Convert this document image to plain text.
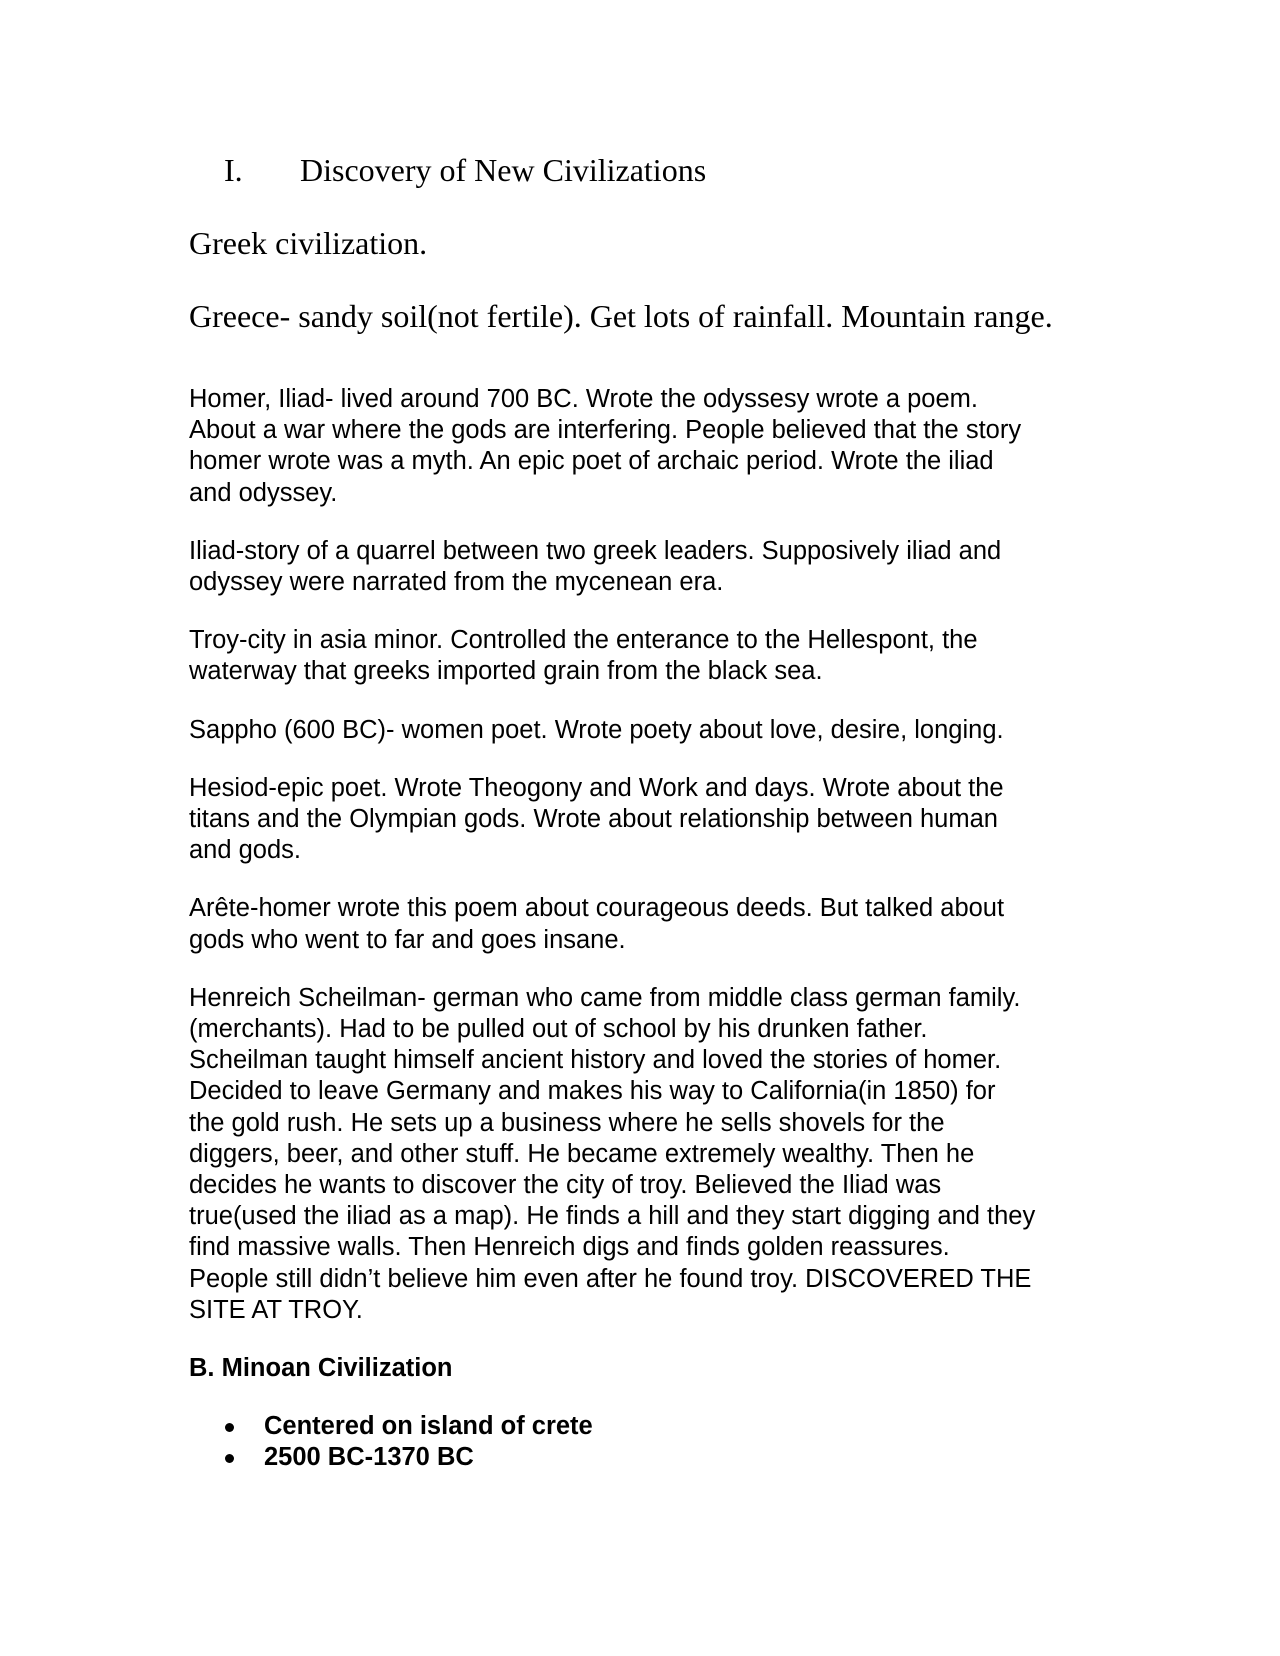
I. Discovery of New Civilizations
Greek civilization.
Greece- sandy soil(not fertile). Get lots of rainfall. Mountain range.

Homer, Iliad- lived around 700 BC. Wrote the odyssesy wrote a poem.
About a war where the gods are interfering. People believed that the story
homer wrote was a myth. An epic poet of archaic period. Wrote the iliad
and odyssey.

Iliad-story of a quarrel between two greek leaders. Supposively iliad and
odyssey were narrated from the mycenean era.

Troy-city in asia minor. Controlled the enterance to the Hellespont, the
waterway that greeks imported grain from the black sea.

Sappho (600 BC)- women poet. Wrote poety about love, desire, longing.

Hesiod-epic poet. Wrote Theogony and Work and days. Wrote about the
titans and the Olympian gods. Wrote about relationship between human
and gods.

Arête-homer wrote this poem about courageous deeds. But talked about
gods who went to far and goes insane.

Henreich Scheilman- german who came from middle class german family.
(merchants). Had to be pulled out of school by his drunken father.
Scheilman taught himself ancient history and loved the stories of homer.
Decided to leave Germany and makes his way to California(in 1850) for
the gold rush. He sets up a business where he sells shovels for the
diggers, beer, and other stuff. He became extremely wealthy. Then he
decides he wants to discover the city of troy. Believed the Iliad was
true(used the iliad as a map). He finds a hill and they start digging and they
find massive walls. Then Henreich digs and finds golden reassures.
People still didn’t believe him even after he found troy. DISCOVERED THE
SITE AT TROY.

B. Minoan Civilization
Centered on island of crete
2500 BC-1370 BC
